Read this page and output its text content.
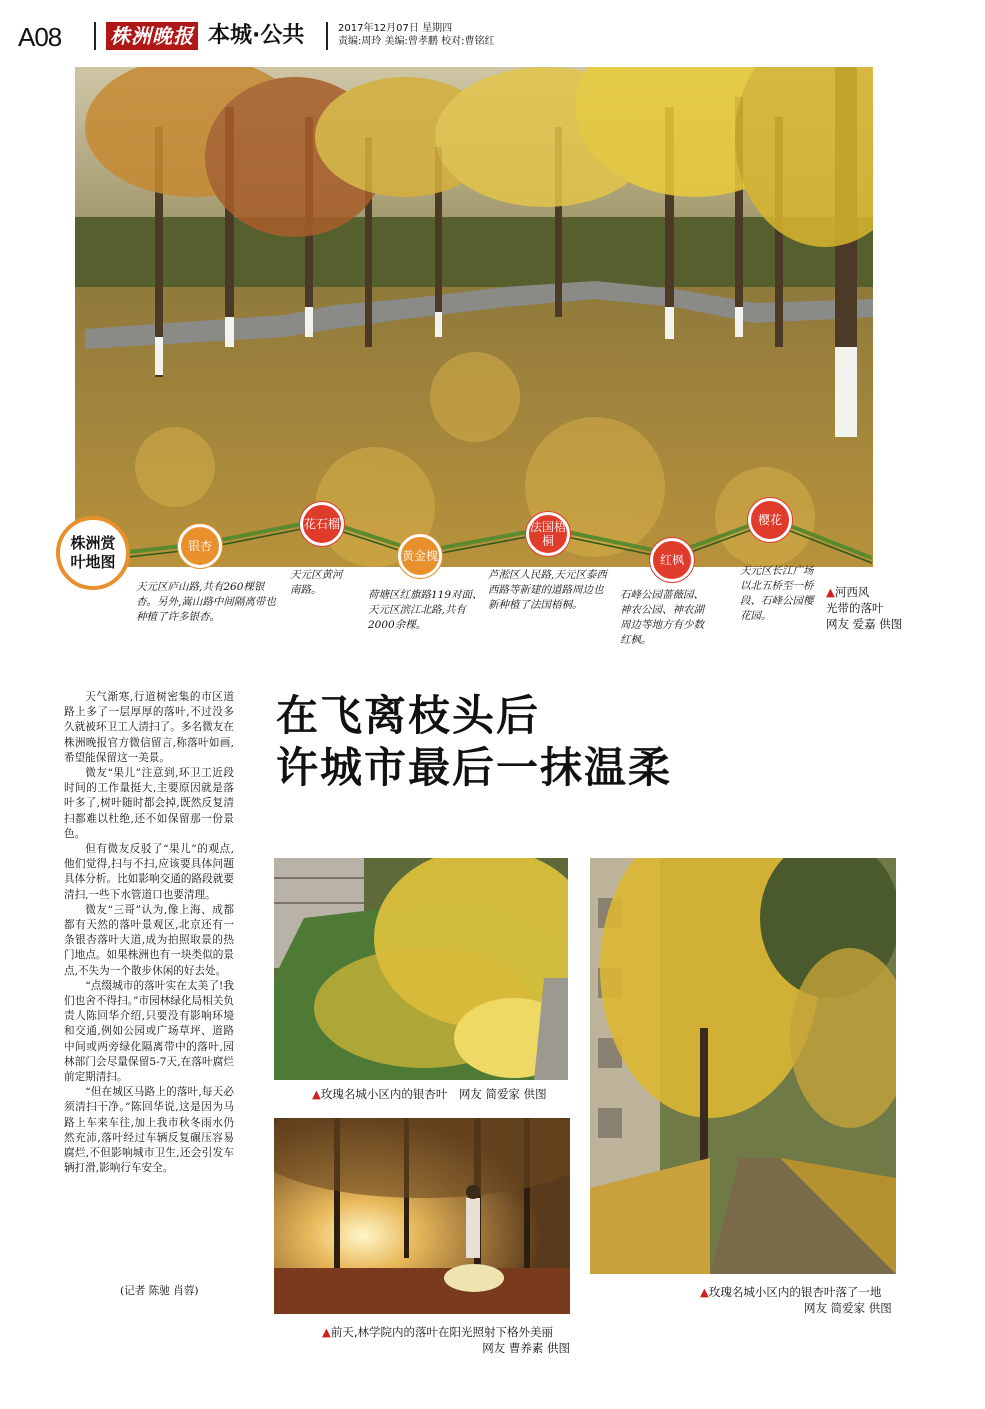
A08 株洲晚报 本城·公共	2017年12月07日 星期四
责编:周玲 美编:曾孝鹏 校对:曹铭红
株洲赏叶地图
银杏
花石榴
黄金槐
法国梧桐
红枫
樱花
天元区庐山路,共有260棵银杏。另外,嵩山路中间隔离带也种植了许多银杏。
天元区黄河南路。	荷塘区红旗路119对面、天元区滨江北路,共有2000余棵。
芦淞区人民路,天元区泰西西路等新建的道路周边也新种植了法国梧桐。
石峰公园蔷薇园、神农公园、神农湖周边等地方有少数红枫。
天元区长江广场以北五桥至一桥段、石峰公园樱花园。
▲河西风
光带的落叶
网友 爱嘉 供图
在飞离枝头后
许城市最后一抹温柔

天气渐寒,行道树密集的市区道路上多了一层厚厚的落叶,不过没多久就被环卫工人清扫了。多名微友在株洲晚报官方微信留言,称落叶如画,希望能保留这一美景。

微友“果儿”注意到,环卫工近段时间的工作量挺大,主要原因就是落叶多了,树叶随时都会掉,既然反复清扫都难以杜绝,还不如保留那一份景色。

但有微友反驳了“果儿”的观点,他们觉得,扫与不扫,应该要具体问题具体分析。比如影响交通的路段就要清扫,一些下水管道口也要清理。

微友“三哥”认为,像上海、成都都有天然的落叶景观区,北京还有一条银杏落叶大道,成为拍照取景的热门地点。如果株洲也有一块类似的景点,不失为一个散步休闲的好去处。

“点缀城市的落叶实在太美了!我们也舍不得扫。”市园林绿化局相关负责人陈回华介绍,只要没有影响环境和交通,例如公园或广场草坪、道路中间或两旁绿化隔离带中的落叶,园林部门会尽量保留5-7天,在落叶腐烂前定期清扫。

“但在城区马路上的落叶,每天必须清扫干净。”陈回华说,这是因为马路上车来车往,加上我市秋冬雨水仍然充沛,落叶经过车辆反复碾压容易腐烂,不但影响城市卫生,还会引发车辆打滑,影响行车安全。

(记者 陈驰 肖蓉)
▲玫瑰名城小区内的银杏叶　网友 简爱家 供图
▲前天,林学院内的落叶在阳光照射下格外美丽
网友 曹养素 供图
▲玫瑰名城小区内的银杏叶落了一地
网友 简爱家 供图
